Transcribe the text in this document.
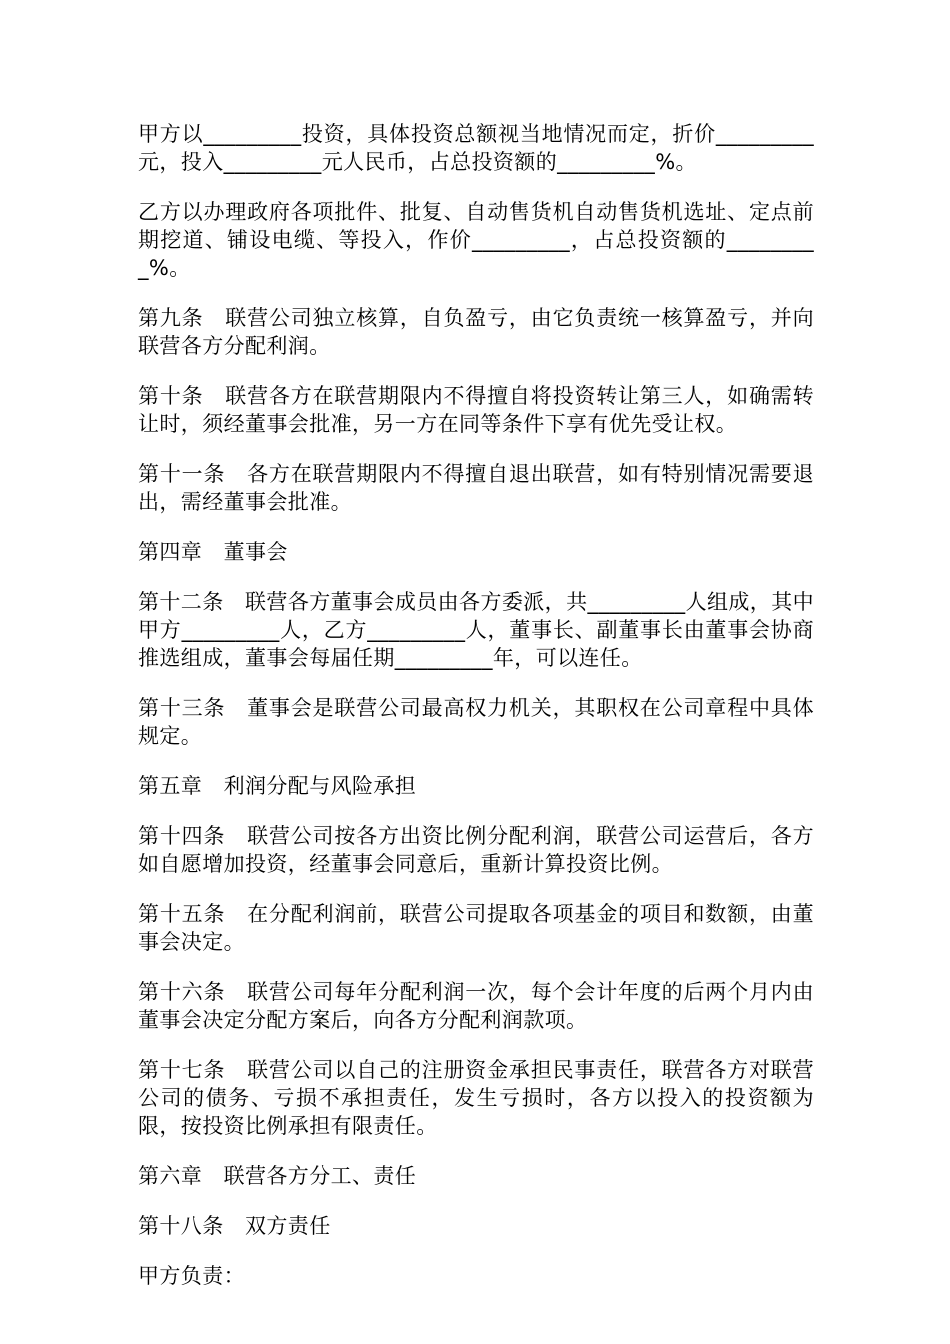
甲方以_________投资，具体投资总额视当地情况而定，折价_________元，投入_________元人民币，占总投资额的_________%。

乙方以办理政府各项批件、批复、自动售货机自动售货机选址、定点前期挖道、铺设电缆、等投入，作价_________，占总投资额的_________%。

第九条　联营公司独立核算，自负盈亏，由它负责统一核算盈亏，并向联营各方分配利润。

第十条　联营各方在联营期限内不得擅自将投资转让第三人，如确需转让时，须经董事会批准，另一方在同等条件下享有优先受让权。

第十一条　各方在联营期限内不得擅自退出联营，如有特别情况需要退出，需经董事会批准。

第四章　董事会

第十二条　联营各方董事会成员由各方委派，共_________人组成，其中甲方_________人，乙方_________人，董事长、副董事长由董事会协商推选组成，董事会每届任期_________年，可以连任。

第十三条　董事会是联营公司最高权力机关，其职权在公司章程中具体规定。

第五章　利润分配与风险承担

第十四条　联营公司按各方出资比例分配利润，联营公司运营后，各方如自愿增加投资，经董事会同意后，重新计算投资比例。

第十五条　在分配利润前，联营公司提取各项基金的项目和数额，由董事会决定。

第十六条　联营公司每年分配利润一次，每个会计年度的后两个月内由董事会决定分配方案后，向各方分配利润款项。

第十七条　联营公司以自己的注册资金承担民事责任，联营各方对联营公司的债务、亏损不承担责任，发生亏损时，各方以投入的投资额为限，按投资比例承担有限责任。

第六章　联营各方分工、责任

第十八条　双方责任

甲方负责：
